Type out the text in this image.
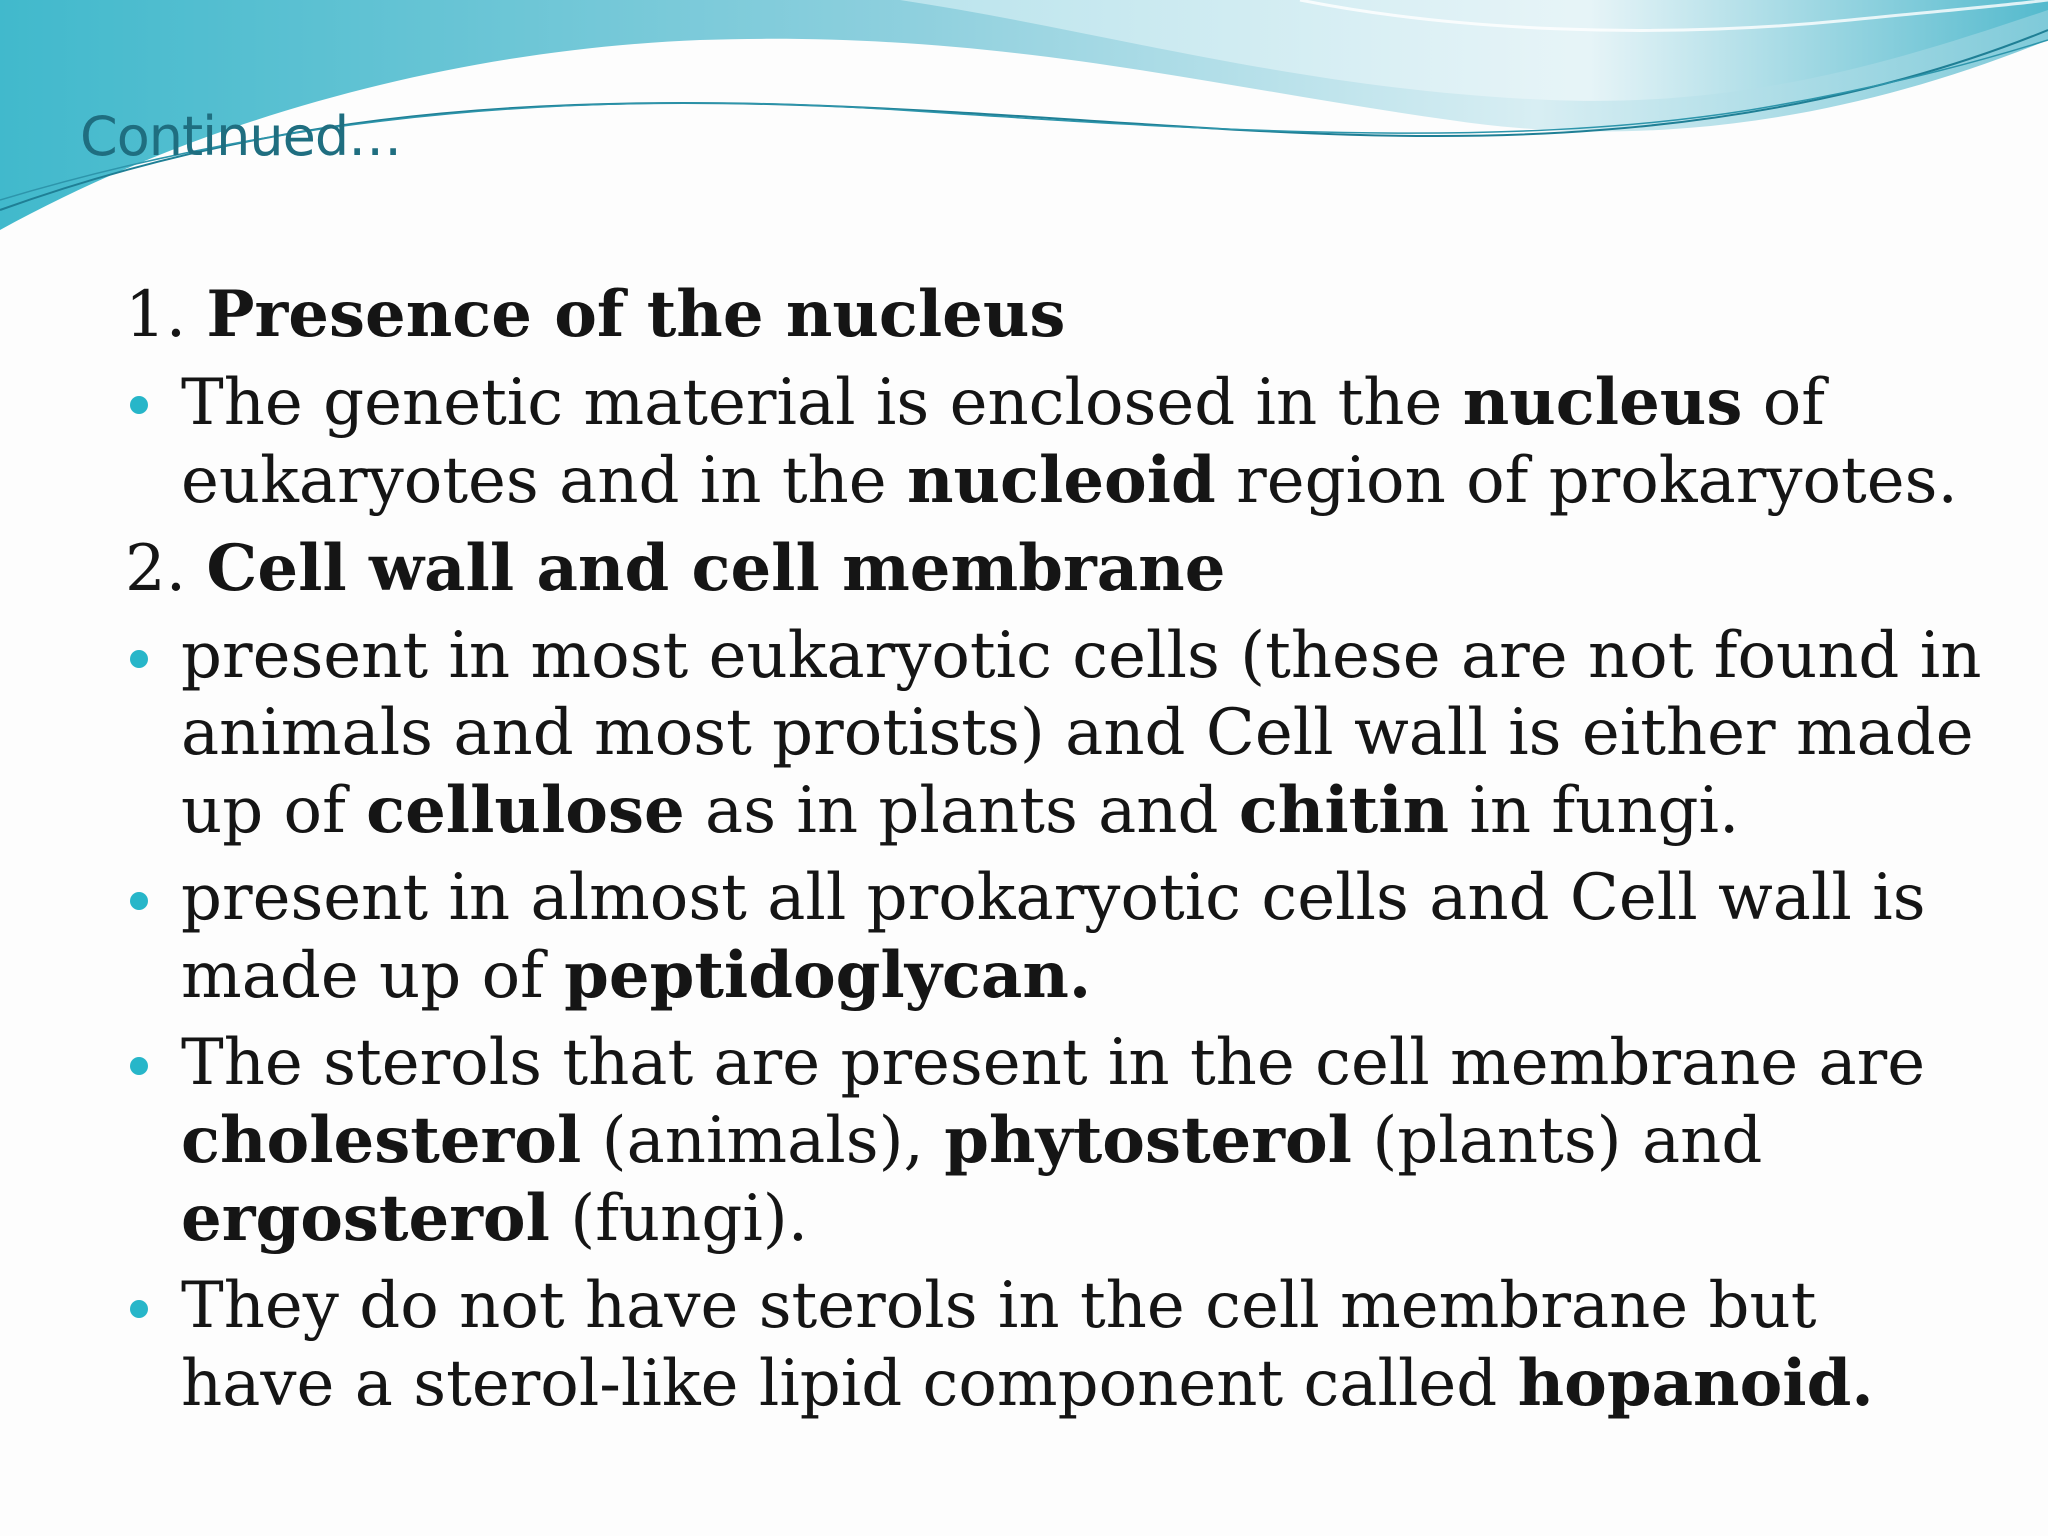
Continued…

1. Presence of the nucleus

The genetic material is enclosed in the nucleus of eukaryotes and in the nucleoid region of prokaryotes.

2. Cell wall and cell membrane

present in most eukaryotic cells (these are not found in animals and most protists) and Cell wall is either made up of cellulose as in plants and chitin in fungi.
present in almost all prokaryotic cells and Cell wall is made up of peptidoglycan.
The sterols that are present in the cell membrane are cholesterol (animals), phytosterol (plants) and ergosterol (fungi).
They do not have sterols in the cell membrane but have a sterol-like lipid component called hopanoid.
